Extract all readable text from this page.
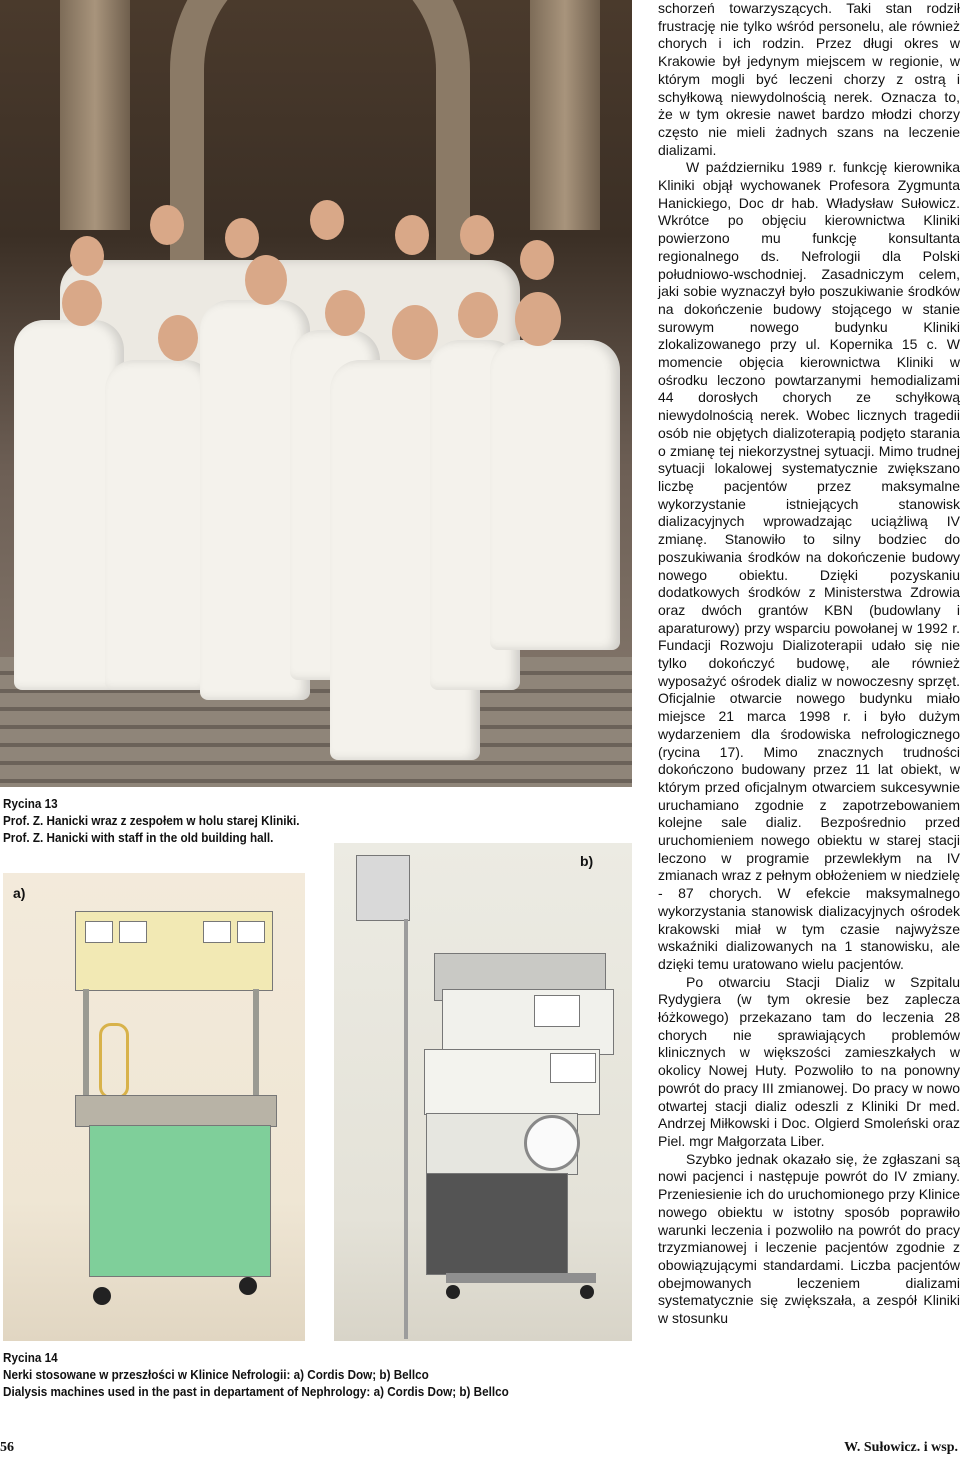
Rycina 13
Prof. Z. Hanicki wraz z zespołem w holu starej Kliniki.
Prof. Z. Hanicki with staff in the old building hall.
a)
b)
Rycina 14
Nerki stosowane w przeszłości w Klinice Nefrologii: a) Cordis Dow; b) Bellco
Dialysis machines used in the past in departament of Nephrology: a) Cordis Dow; b) Bellco

schorzeń towarzyszących. Taki stan rodził frustrację nie tylko wśród personelu, ale również chorych i ich rodzin. Przez długi okres w Krakowie był jedynym miejscem w regionie, w którym mogli być leczeni chorzy z ostrą i schyłkową niewydolnością nerek. Oznacza to, że w tym okresie nawet bardzo młodzi chorzy często nie mieli żadnych szans na leczenie dializami.

W październiku 1989 r. funkcję kierownika Kliniki objął wychowanek Profesora Zygmunta Hanickiego, Doc dr hab. Władysław Sułowicz. Wkrótce po objęciu kierownictwa Kliniki powierzono mu funkcję konsultanta regionalnego ds. Nefrologii dla Polski południowo-wschodniej. Zasadniczym celem, jaki sobie wyznaczył było poszukiwanie środków na dokończenie budowy stojącego w stanie surowym nowego budynku Kliniki zlokalizowanego przy ul. Kopernika 15 c. W momencie objęcia kierownictwa Kliniki w ośrodku leczono powtarzanymi hemodializami 44 dorosłych chorych ze schyłkową niewydolnością nerek. Wobec licznych tragedii osób nie objętych dializoterapią podjęto starania o zmianę tej niekorzystnej sytuacji. Mimo trudnej sytuacji lokalowej systematycznie zwiększano liczbę pacjentów przez maksymalne wykorzystanie istniejących stanowisk dializacyjnych wprowadzając uciążliwą IV zmianę. Stanowiło to silny bodziec do poszukiwania środków na dokończenie budowy nowego obiektu. Dzięki pozyskaniu dodatkowych środków z Ministerstwa Zdrowia oraz dwóch grantów KBN (budowlany i aparaturowy) przy wsparciu powołanej w 1992 r. Fundacji Rozwoju Dializoterapii udało się nie tylko dokończyć budowę, ale również wyposażyć ośrodek dializ w nowoczesny sprzęt. Oficjalnie otwarcie nowego budynku miało miejsce 21 marca 1998 r. i było dużym wydarzeniem dla środowiska nefrologicznego (rycina 17). Mimo znacznych trudności dokończono budowany przez 11 lat obiekt, w którym przed oficjalnym otwarciem sukcesywnie uruchamiano zgodnie z zapotrzebowaniem kolejne sale dializ. Bezpośrednio przed uruchomieniem nowego obiektu w starej stacji leczono w programie przewlekłym na IV zmianach wraz z pełnym obłożeniem w niedzielę - 87 chorych. W efekcie maksymalnego wykorzystania stanowisk dializacyjnych ośrodek krakowski miał w tym czasie najwyższe wskaźniki dializowanych na 1 stanowisku, ale dzięki temu uratowano wielu pacjentów.

Po otwarciu Stacji Dializ w Szpitalu Rydygiera (w tym okresie bez zaplecza łóżkowego) przekazano tam do leczenia 28 chorych nie sprawiających problemów klinicznych w większości zamieszkałych w okolicy Nowej Huty. Pozwoliło to na ponowny powrót do pracy III zmianowej. Do pracy w nowo otwartej stacji dializ odeszli z Kliniki Dr med. Andrzej Miłkowski i Doc. Olgierd Smoleński oraz Piel. mgr Małgorzata Liber.

Szybko jednak okazało się, że zgłaszani są nowi pacjenci i następuje powrót do IV zmiany. Przeniesienie ich do uruchomionego przy Klinice nowego obiektu w istotny sposób poprawiło warunki leczenia i pozwoliło na powrót do pracy trzyzmianowej i leczenie pacjentów zgodnie z obowiązującymi standardami. Liczba pacjentów obejmowanych leczeniem dializami systematycznie się zwiększała, a zespół Kliniki w stosunku

56	W. Sułowicz. i wsp.
